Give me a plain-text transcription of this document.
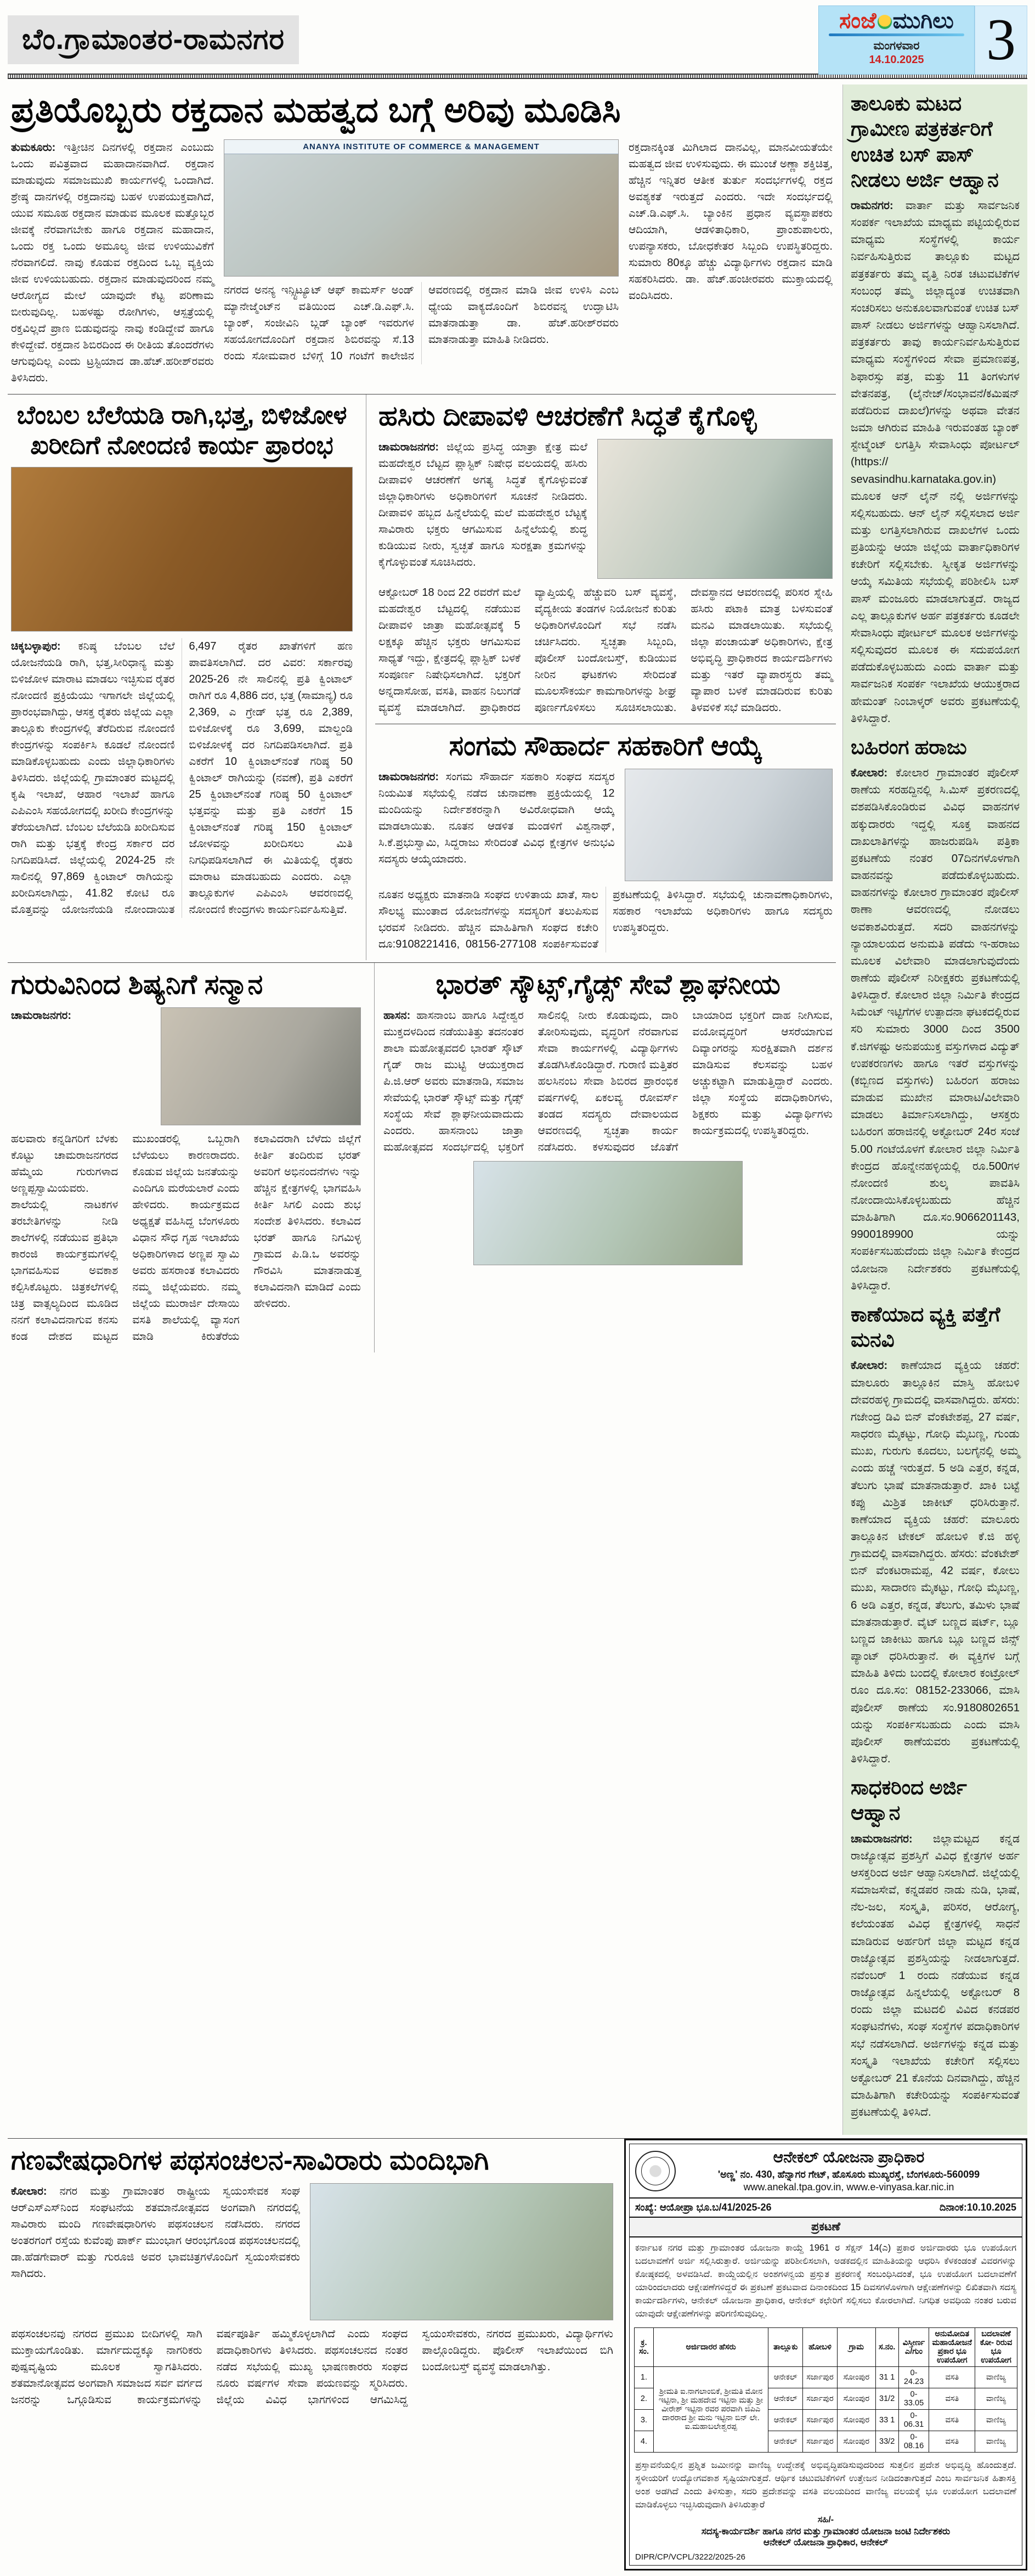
ಬೆಂ.ಗ್ರಾಮಾಂತರ-ರಾಮನಗರ
ಸಂಜೆ ಮುಗಿಲು
ಮಂಗಳವಾರ
14.10.2025	3
ಪ್ರತಿಯೊಬ್ಬರು ರಕ್ತದಾನ ಮಹತ್ವದ ಬಗ್ಗೆ ಅರಿವು ಮೂಡಿಸಿ

ತುಮಕೂರು: ಇತ್ತೀಚಿನ ದಿನಗಳಲ್ಲಿ ರಕ್ತದಾನ ಎಂಬುದು ಒಂದು ಪವಿತ್ರವಾದ ಮಹಾದಾನವಾಗಿದೆ. ರಕ್ತದಾನ ಮಾಡುವುದು ಸಮಾಜಮುಖಿ ಕಾರ್ಯಗಳಲ್ಲಿ ಒಂದಾಗಿದೆ. ಶ್ರೇಷ್ಠ ದಾನಗಳಲ್ಲಿ ರಕ್ತದಾನವು ಬಹಳ ಉಪಯುಕ್ತವಾಗಿದೆ, ಯುವ ಸಮೂಹ ರಕ್ತದಾನ ಮಾಡುವ ಮೂಲಕ ಮತ್ತೊಬ್ಬರ ಜೀವಕ್ಕೆ ನೆರವಾಗಬೇಕು ಹಾಗೂ ರಕ್ತದಾನ ಮಹಾದಾನ, ಒಂದು ರಕ್ತ ಒಂದು ಅಮೂಲ್ಯ ಜೀವ ಉಳಿಯುವಿಕೆಗೆ ನೆರವಾಗಲಿದೆ. ನಾವು ಕೊಡುವ ರಕ್ತದಿಂದ ಒಬ್ಬ ವ್ಯಕ್ತಿಯ ಜೀವ ಉಳಿಯಬಹುದು. ರಕ್ತದಾನ ಮಾಡುವುದರಿಂದ ನಮ್ಮ ಆರೋಗ್ಯದ ಮೇಲೆ ಯಾವುದೇ ಕೆಟ್ಟ ಪರಿಣಾಮ ಬೀರುವುದಿಲ್ಲ. ಬಹಳಷ್ಟು ರೋಗಿಗಳು, ಆಸ್ಪತ್ರೆಯಲ್ಲಿ ರಕ್ತವಿಲ್ಲದೆ ಪ್ರಾಣ ಬಿಡುವುದನ್ನು ನಾವು ಕಂಡಿದ್ದೇವೆ ಹಾಗೂ ಕೇಳಿದ್ದೇವೆ. ರಕ್ತದಾನ ಶಿಬಿರದಿಂದ ಈ ರೀತಿಯ ತೊಂದರೆಗಳು ಆಗುವುದಿಲ್ಲ ಎಂದು ಟ್ರಸ್ಟಿಯಾದ ಡಾ.ಹೆಚ್.ಹರೀಶ್‌ರವರು ತಿಳಿಸಿದರು.

ANANYA INSTITUTE OF COMMERCE & MANAGEMENT

ನಗರದ ಅನನ್ಯ ಇನ್ಸ್ಟಿಟ್ಯೂಟ್ ಆಫ್ ಕಾಮರ್ಸ್ ಅಂಡ್ ಮ್ಯಾನೇಜ್ಮೆಂಟ್‌ನ ವತಿಯಿಂದ ಎಚ್.ಡಿ.ಎಫ್.ಸಿ. ಬ್ಯಾಂಕ್, ಸಂಜೀವಿನಿ ಬ್ಲಡ್ ಬ್ಯಾಂಕ್ ಇವರುಗಳ ಸಹಯೋಗದೊಂದಿಗೆ ರಕ್ತದಾನ ಶಿಬಿರವನ್ನು ಸೆ.13 ರಂದು ಸೋಮವಾರ ಬೆಳಿಗ್ಗೆ 10 ಗಂಟೆಗೆ ಕಾಲೇಜಿನ ಆವರಣದಲ್ಲಿ ರಕ್ತದಾನ ಮಾಡಿ ಜೀವ ಉಳಿಸಿ ಎಂಬ ಧ್ಯೇಯ ವಾಕ್ಯದೊಂದಿಗೆ ಶಿಬಿರವನ್ನ ಉದ್ಘಾಟಿಸಿ ಮಾತನಾಡುತ್ತಾ ಡಾ. ಹೆಚ್.ಹರೀಶ್‌ರವರು ಮಾತನಾಡುತ್ತಾ ಮಾಹಿತಿ ನೀಡಿದರು.

ರಕ್ತದಾನಕ್ಕಿಂತ ಮಿಗಿಲಾದ ದಾನವಿಲ್ಲ, ಮಾನವೀಯತೆಯೇ ಮಹತ್ವದ ಜೀವ ಉಳಿಸುವುದು. ಈ ಮುಂಚೆ ಅಣ್ಣಾ ಶಕ್ತಿಚಿತ್ತ, ಹೆಚ್ಚಿನ ಇನ್ನಿತರ ಆತೀಕ ತುರ್ತು ಸಂದರ್ಭಗಳಲ್ಲಿ ರಕ್ತದ ಅವಶ್ಯಕತೆ ಇರುತ್ತದೆ ಎಂದರು. ಇದೇ ಸಂದರ್ಭದಲ್ಲಿ ಎಚ್.ಡಿ.ಎಫ್.ಸಿ. ಬ್ಯಾಂಕಿನ ಪ್ರಧಾನ ವ್ಯವಸ್ಥಾಪಕರು ಆದಿಯಾಗಿ, ಆಡಳಿತಾಧಿಕಾರಿ, ಪ್ರಾಂಶುಪಾಲರು, ಉಪನ್ಯಾಸಕರು, ಬೋಧಕೇತರ ಸಿಬ್ಬಂದಿ ಉಪಸ್ಥಿತರಿದ್ದರು. ಸುಮಾರು 80ಕ್ಕೂ ಹೆಚ್ಚು ವಿದ್ಯಾರ್ಥಿಗಳು ರಕ್ತದಾನ ಮಾಡಿ ಸಹಕರಿಸಿದರು. ಡಾ. ಹೆಚ್.ಹಂಚೀರವರು ಮುಕ್ತಾಯದಲ್ಲಿ ವಂದಿಸಿದರು.

ಬೆಂಬಲ ಬೆಲೆಯಡಿ ರಾಗಿ,ಭತ್ತ, ಬಿಳಿಜೋಳ ಖರೀದಿಗೆ ನೋಂದಣಿ ಕಾರ್ಯ ಪ್ರಾರಂಭ

ಚಿಕ್ಕಬಳ್ಳಾಪುರ: ಕನಿಷ್ಠ ಬೆಂಬಲ ಬೆಲೆ ಯೋಜನೆಯಡಿ ರಾಗಿ, ಭತ್ತ,ಸೀರಿಧಾನ್ಯ ಮತ್ತು ಬಿಳಿಜೋಳ ಮಾರಾಟ ಮಾಡಲು ಇಚ್ಛಿಸುವ ರೈತರ ನೋಂದಣಿ ಪ್ರಕ್ರಿಯೆಯು ಇಗಾಗಲೇ ಜಿಲ್ಲೆಯಲ್ಲಿ ಪ್ರಾರಂಭವಾಗಿದ್ದು, ಆಸಕ್ತ ರೈತರು ಜಿಲ್ಲೆಯ ಎಲ್ಲಾ ತಾಲ್ಲೂಕು ಕೇಂದ್ರಗಳಲ್ಲಿ ತೆರೆದಿರುವ ನೋಂದಣಿ ಕೇಂದ್ರಗಳನ್ನು ಸಂಪರ್ಕಿಸಿ ಕೂಡಲೆ ನೋಂದಣಿ ಮಾಡಿಕೊಳ್ಳಬಹುದು ಎಂದು ಜಿಲ್ಲಾಧಿಕಾರಿಗಳು ತಿಳಿಸಿದರು. ಜಿಲ್ಲೆಯಲ್ಲಿ ಗ್ರಾಮಾಂತರ ಮಟ್ಟದಲ್ಲಿ ಕೃಷಿ ಇಲಾಖೆ, ಆಹಾರ ಇಲಾಖೆ ಹಾಗೂ ಎಪಿಎಂಸಿ ಸಹಯೋಗದಲ್ಲಿ ಖರೀದಿ ಕೇಂದ್ರಗಳನ್ನು ತೆರೆಯಲಾಗಿದೆ. ಬೆಂಬಲ ಬೆಲೆಯಡಿ ಖರೀದಿಸುವ ರಾಗಿ ಮತ್ತು ಭತ್ತಕ್ಕೆ ಕೇಂದ್ರ ಸರ್ಕಾರ ದರ ನಿಗದಿಪಡಿಸಿದೆ. ಜಿಲ್ಲೆಯಲ್ಲಿ 2024-25 ನೇ ಸಾಲಿನಲ್ಲಿ 97,869 ಕ್ವಿಂಟಾಲ್ ರಾಗಿಯನ್ನು ಖರೀದಿಸಲಾಗಿದ್ದು, 41.82 ಕೋಟಿ ರೂ ಮೊತ್ತವನ್ನು ಯೋಜನೆಯಡಿ ನೋಂದಾಯಿತ 6,497 ರೈತರ ಖಾತೆಗಳಿಗೆ ಹಣ ಪಾವತಿಸಲಾಗಿದೆ. ದರ ವಿವರ: ಸರ್ಕಾರವು 2025-26 ನೇ ಸಾಲಿನಲ್ಲಿ ಪ್ರತಿ ಕ್ವಿಂಟಾಲ್ ರಾಗಿಗೆ ರೂ 4,886 ದರ, ಭತ್ತ (ಸಾಮಾನ್ಯ) ರೂ 2,369, ಎ ಗ್ರೇಡ್ ಭತ್ತ ರೂ 2,389, ಬಿಳಿಜೋಳಕ್ಕೆ ರೂ 3,699, ಮಾಲ್ದಂಡಿ ಬಿಳಿಜೋಳಕ್ಕೆ ದರ ನಿಗದಿಪಡಿಸಲಾಗಿದೆ. ಪ್ರತಿ ಎಕರೆಗೆ 10 ಕ್ವಿಂಟಾಲ್‌ನಂತೆ ಗರಿಷ್ಠ 50 ಕ್ವಿಂಟಾಲ್ ರಾಗಿಯನ್ನು (ನವಣೆ), ಪ್ರತಿ ಎಕರೆಗೆ 25 ಕ್ವಿಂಟಾಲ್‌ನಂತೆ ಗರಿಷ್ಠ 50 ಕ್ವಿಂಟಾಲ್ ಭತ್ತವನ್ನು ಮತ್ತು ಪ್ರತಿ ಎಕರೆಗೆ 15 ಕ್ವಿಂಟಾಲ್‌ನಂತೆ ಗರಿಷ್ಠ 150 ಕ್ವಿಂಟಾಲ್ ಜೋಳವನ್ನು ಖರೀದಿಸಲು ಮಿತಿ ನಿಗಧಿಪಡಿಸಲಾಗಿದೆ ಈ ಮಿತಿಯಲ್ಲಿ ರೈತರು ಮಾರಾಟ ಮಾಡಬಹುದು ಎಂದರು. ಎಲ್ಲಾ ತಾಲ್ಲೂಕುಗಳ ಎಪಿಎಂಸಿ ಆವರಣದಲ್ಲಿ ನೋಂದಣಿ ಕೇಂದ್ರಗಳು ಕಾರ್ಯನಿರ್ವಹಿಸುತ್ತಿವೆ.

ಹಸಿರು ದೀಪಾವಳಿ ಆಚರಣೆಗೆ ಸಿದ್ಧತೆ ಕೈಗೊಳ್ಳಿ

ಚಾಮರಾಜನಗರ: ಜಿಲ್ಲೆಯ ಪ್ರಸಿದ್ಧ ಯಾತ್ರಾ ಕ್ಷೇತ್ರ ಮಲೆ ಮಹದೇಶ್ವರ ಬೆಟ್ಟದ ಪ್ಲಾಸ್ಟಿಕ್ ನಿಷೇಧ ವಲಯದಲ್ಲಿ ಹಸಿರು ದೀಪಾವಳಿ ಆಚರಣೆಗೆ ಅಗತ್ಯ ಸಿದ್ಧತೆ ಕೈಗೊಳ್ಳುವಂತೆ ಜಿಲ್ಲಾಧಿಕಾರಿಗಳು ಅಧಿಕಾರಿಗಳಿಗೆ ಸೂಚನೆ ನೀಡಿದರು. ದೀಪಾವಳಿ ಹಬ್ಬದ ಹಿನ್ನೆಲೆಯಲ್ಲಿ ಮಲೆ ಮಹದೇಶ್ವರ ಬೆಟ್ಟಕ್ಕೆ ಸಾವಿರಾರು ಭಕ್ತರು ಆಗಮಿಸುವ ಹಿನ್ನೆಲೆಯಲ್ಲಿ ಶುದ್ಧ ಕುಡಿಯುವ ನೀರು, ಸ್ವಚ್ಛತೆ ಹಾಗೂ ಸುರಕ್ಷತಾ ಕ್ರಮಗಳನ್ನು ಕೈಗೊಳ್ಳುವಂತೆ ಸೂಚಿಸಿದರು.

ಆಕ್ಟೋಬರ್ 18 ರಿಂದ 22 ರವರೆಗೆ ಮಲೆ ಮಹದೇಶ್ವರ ಬೆಟ್ಟದಲ್ಲಿ ನಡೆಯುವ ದೀಪಾವಳಿ ಜಾತ್ರಾ ಮಹೋತ್ಸವಕ್ಕೆ 5 ಲಕ್ಷಕ್ಕೂ ಹೆಚ್ಚಿನ ಭಕ್ತರು ಆಗಮಿಸುವ ಸಾಧ್ಯತೆ ಇದ್ದು, ಕ್ಷೇತ್ರದಲ್ಲಿ ಪ್ಲಾಸ್ಟಿಕ್ ಬಳಕೆ ಸಂಪೂರ್ಣ ನಿಷೇಧಿಸಲಾಗಿದೆ. ಭಕ್ತರಿಗೆ ಅನ್ನದಾಸೋಹ, ವಸತಿ, ವಾಹನ ನಿಲುಗಡೆ ವ್ಯವಸ್ಥೆ ಮಾಡಲಾಗಿದೆ. ಪ್ರಾಧಿಕಾರದ ವ್ಯಾಪ್ತಿಯಲ್ಲಿ ಹೆಚ್ಚುವರಿ ಬಸ್ ವ್ಯವಸ್ಥೆ, ವೈದ್ಯಕೀಯ ತಂಡಗಳ ನಿಯೋಜನೆ ಕುರಿತು ಅಧಿಕಾರಿಗಳೊಂದಿಗೆ ಸಭೆ ನಡೆಸಿ ಚರ್ಚಿಸಿದರು. ಸ್ವಚ್ಛತಾ ಸಿಬ್ಬಂದಿ, ಪೊಲೀಸ್ ಬಂದೋಬಸ್ತ್, ಕುಡಿಯುವ ನೀರಿನ ಘಟಕಗಳು ಸೇರಿದಂತೆ ಮೂಲಸೌಕರ್ಯ ಕಾಮಗಾರಿಗಳನ್ನು ಶೀಘ್ರ ಪೂರ್ಣಗೊಳಿಸಲು ಸೂಚಿಸಲಾಯಿತು. ದೇವಸ್ಥಾನದ ಆವರಣದಲ್ಲಿ ಪರಿಸರ ಸ್ನೇಹಿ ಹಸಿರು ಪಟಾಕಿ ಮಾತ್ರ ಬಳಸುವಂತೆ ಮನವಿ ಮಾಡಲಾಯಿತು. ಸಭೆಯಲ್ಲಿ ಜಿಲ್ಲಾ ಪಂಚಾಯತ್ ಅಧಿಕಾರಿಗಳು, ಕ್ಷೇತ್ರ ಅಭಿವೃದ್ಧಿ ಪ್ರಾಧಿಕಾರದ ಕಾರ್ಯದರ್ಶಿಗಳು ಮತ್ತು ಇತರೆ ವ್ಯಾಪಾರಸ್ಥರು ತಮ್ಮ ವ್ಯಾಪಾರ ಬಳಕೆ ಮಾಡದಿರುವ ಕುರಿತು ತಿಳವಳಿಕೆ ಸಭೆ ಮಾಡಿದರು.

ಸಂಗಮ ಸೌಹಾರ್ದ ಸಹಕಾರಿಗೆ ಆಯ್ಕೆ

ಚಾಮರಾಜನಗರ: ಸಂಗಮ ಸೌಹಾರ್ದ ಸಹಕಾರಿ ಸಂಘದ ಸದಸ್ಯರ ನಿಯಮಿತ ಸಭೆಯಲ್ಲಿ ನಡೆದ ಚುನಾವಣಾ ಪ್ರಕ್ರಿಯೆಯಲ್ಲಿ 12 ಮಂದಿಯನ್ನು ನಿರ್ದೇಶಕರನ್ನಾಗಿ ಅವಿರೋಧವಾಗಿ ಆಯ್ಕೆ ಮಾಡಲಾಯಿತು. ನೂತನ ಆಡಳಿತ ಮಂಡಳಿಗೆ ವಿಶ್ವನಾಥ್, ಸಿ.ಕೆ.ಪ್ರಭುಸ್ವಾಮಿ, ಸಿದ್ದರಾಜು ಸೇರಿದಂತೆ ವಿವಿಧ ಕ್ಷೇತ್ರಗಳ ಅನುಭವಿ ಸದಸ್ಯರು ಆಯ್ಕೆಯಾದರು.

ನೂತನ ಅಧ್ಯಕ್ಷರು ಮಾತನಾಡಿ ಸಂಘದ ಉಳಿತಾಯ ಖಾತೆ, ಸಾಲ ಸೌಲಭ್ಯ ಮುಂತಾದ ಯೋಜನೆಗಳನ್ನು ಸದಸ್ಯರಿಗೆ ತಲುಪಿಸುವ ಭರವಸೆ ನೀಡಿದರು. ಹೆಚ್ಚಿನ ಮಾಹಿತಿಗಾಗಿ ಸಂಘದ ಕಚೇರಿ ದೂ:9108221416, 08156-277108 ಸಂಪರ್ಕಿಸುವಂತೆ ಪ್ರಕಟಣೆಯಲ್ಲಿ ತಿಳಿಸಿದ್ದಾರೆ. ಸಭೆಯಲ್ಲಿ ಚುನಾವಣಾಧಿಕಾರಿಗಳು, ಸಹಕಾರ ಇಲಾಖೆಯ ಅಧಿಕಾರಿಗಳು ಹಾಗೂ ಸದಸ್ಯರು ಉಪಸ್ಥಿತರಿದ್ದರು.

ಗುರುವಿನಿಂದ ಶಿಷ್ಯನಿಗೆ ಸನ್ಮಾನ

ಚಾಮರಾಜನಗರ:

ಹಲವಾರು ಕನ್ನಡಿಗರಿಗೆ ಬೆಳಕು ಕೊಟ್ಟು ಚಾಮರಾಜನಗರದ ಹೆಮ್ಮೆಯ ಗುರುಗಳಾದ ಅಣ್ಣಪ್ಪಸ್ವಾಮಿಯವರು. ಶಾಲೆಯಲ್ಲಿ ನಾಟಕಗಳ ತರಬೇತಿಗಳನ್ನು ನೀಡಿ ಶಾಲೆಗಳಲ್ಲಿ ನಡೆಯುವ ಪ್ರತಿಭಾ ಕಾರಂಜಿ ಕಾರ್ಯಕ್ರಮಗಳಲ್ಲಿ ಭಾಗವಹಿಸುವ ಅವಕಾಶ ಕಲ್ಪಿಸಿಕೊಟ್ಟರು. ಚಿತ್ರಕಲೆಗಳಲ್ಲಿ ಚಿತ್ರ ವಾತ್ಸಲ್ಯದಿಂದ ಮೂಡಿದ ನನಗೆ ಕಲಾವಿದನಾಗುವ ಕನಸು ಕಂಡ ದೇಶದ ಮಟ್ಟದ ಮುಖಂಡರಲ್ಲಿ ಒಬ್ಬರಾಗಿ ಬೆಳೆಯಲು ಕಾರಣರಾದರು. ಕೊಡುವ ಜಿಲ್ಲೆಯ ಜನತೆಯನ್ನು ಎಂದಿಗೂ ಮರೆಯಲಾರೆ ಎಂದು ಹೇಳಿದರು. ಕಾರ್ಯಕ್ರಮದ ಅಧ್ಯಕ್ಷತೆ ವಹಿಸಿದ್ದ ಬೆಂಗಳೂರು ವಿಧಾನ ಸೌಧ ಗೃಹ ಇಲಾಖೆಯ ಅಧಿಕಾರಿಗಳಾದ ಅಣ್ಣಪ ಸ್ವಾಮಿ ಅವರು ಹಸರಾಂತ ಕಲಾವಿದರು ನಮ್ಮ ಜಿಲ್ಲೆಯವರು. ನಮ್ಮ ಜಿಲ್ಲೆಯ ಮುರಾರ್ಜಿ ದೇಸಾಯಿ ವಸತಿ ಶಾಲೆಯಲ್ಲಿ ವ್ಯಾಸಂಗ ಮಾಡಿ ಕಿರುತೆರೆಯ ಕಲಾವಿದರಾಗಿ ಬೆಳೆದು ಜಿಲ್ಲೆಗೆ ಕೀರ್ತಿ ತಂದಿರುವ ಭರತ್ ಅವರಿಗೆ ಅಭಿನಂದನೆಗಳು ಇನ್ನು ಹೆಚ್ಚಿನ ಕ್ಷೇತ್ರಗಳಲ್ಲಿ ಭಾಗವಹಿಸಿ ಕೀರ್ತಿ ಸಿಗಲಿ ಎಂದು ಶುಭ ಸಂದೇಶ ತಿಳಿಸಿದರು. ಕಲಾವಿದ ಭರತ್ ಹಾಗೂ ನಿಗಮಿಳ್ಳ ಗ್ರಾಮದ ಪಿ.ಡಿ.ಒ ಅವರನ್ನು ಗೌರವಿಸಿ ಮಾತನಾಡುತ್ತ ಕಲಾವಿದನಾಗಿ ಮಾಡಿದೆ ಎಂದು ಹೇಳಿದರು.

ಭಾರತ್ ಸ್ಕೌಟ್ಸ್,ಗೈಡ್ಸ್ ಸೇವೆ ಶ್ಲಾಘನೀಯ

ಹಾಸನ: ಹಾಸನಾಂಬ ಹಾಗೂ ಸಿದ್ದೇಶ್ವರ ಮುಕ್ತದಳದಿಂದ ನಡೆಯುತಿತ್ತು ತದನಂತರ ಶಾಲಾ ಮಹೋತ್ಸವದಲಿ ಭಾರತ್ ಸ್ಕೌಟ್ ಗೈಡ್ ರಾಜ ಮುಟ್ಟಿ ಆಯುಕ್ತರಾದ ಪಿ.ಜಿ.ಆರ್ ಅವರು ಮಾತನಾಡಿ, ಸಮಾಜ ಸೇವೆಯಲ್ಲಿ ಭಾರತ್ ಸ್ಕೌಟ್ಸ್ ಮತ್ತು ಗೈಡ್ಸ್ ಸಂಸ್ಥೆಯ ಸೇವೆ ಶ್ಲಾಘನೀಯವಾದುದು ಎಂದರು. ಹಾಸನಾಂಬ ಜಾತ್ರಾ ಮಹೋತ್ಸವದ ಸಂದರ್ಭದಲ್ಲಿ ಭಕ್ತರಿಗೆ ಸಾಲಿನಲ್ಲಿ ನೀರು ಕೊಡುವುದು, ದಾರಿ ತೋರಿಸುವುದು, ವೃದ್ಧರಿಗೆ ನೆರವಾಗುವ ಸೇವಾ ಕಾರ್ಯಗಳಲ್ಲಿ ವಿದ್ಯಾರ್ಥಿಗಳು ತೊಡಗಿಸಿಕೊಂಡಿದ್ದಾರೆ. ಗುರಾಣಿ ಮತ್ತಿತರ ಹಲಸಿನಂಬ ಸೇವಾ ಶಿಬಿರದ ಪ್ರಾರಂಭಿಕ ವರ್ಷಗಳಲ್ಲಿ ಏಕಲವ್ಯ ರೋವರ್ಸ್ ತಂಡದ ಸದಸ್ಯರು ದೇವಾಲಯದ ಆವರಣದಲ್ಲಿ ಸ್ವಚ್ಛತಾ ಕಾರ್ಯ ನಡೆಸಿದರು. ಕಳಸುವುದರ ಜೊತೆಗೆ ಬಾಯಾರಿದ ಭಕ್ತರಿಗೆ ದಾಹ ನೀಗಿಸುವ, ವಯೋವೃದ್ಧರಿಗೆ ಆಸರೆಯಾಗುವ ದಿವ್ಯಾಂಗರನ್ನು ಸುರಕ್ಷಿತವಾಗಿ ದರ್ಶನ ಮಾಡಿಸುವ ಕೆಲಸವನ್ನು ಬಹಳ ಅಚ್ಚುಕಟ್ಟಾಗಿ ಮಾಡುತ್ತಿದ್ದಾರೆ ಎಂದರು. ಜಿಲ್ಲಾ ಸಂಸ್ಥೆಯ ಪದಾಧಿಕಾರಿಗಳು, ಶಿಕ್ಷಕರು ಮತ್ತು ವಿದ್ಯಾರ್ಥಿಗಳು ಕಾರ್ಯಕ್ರಮದಲ್ಲಿ ಉಪಸ್ಥಿತರಿದ್ದರು.

ತಾಲೂಕು ಮಟದ ಗ್ರಾಮೀಣ ಪತ್ರಕರ್ತರಿಗೆ ಉಚಿತ ಬಸ್ ಪಾಸ್ ನೀಡಲು ಅರ್ಜಿ ಆಹ್ವಾನ

ರಾಮನಗರ: ವಾರ್ತಾ ಮತ್ತು ಸಾರ್ವಜನಿಕ ಸಂಪರ್ಕ ಇಲಾಖೆಯ ಮಾಧ್ಯಮ ಪಟ್ಟಿಯಲ್ಲಿರುವ ಮಾಧ್ಯಮ ಸಂಸ್ಥೆಗಳಲ್ಲಿ ಕಾರ್ಯ ನಿರ್ವಹಿಸುತ್ತಿರುವ ತಾಲ್ಲೂಕು ಮಟ್ಟದ ಪತ್ರಕರ್ತರು ತಮ್ಮ ವೃತ್ತಿ ನಿರತ ಚಟುವಟಿಕೆಗಳ ಸಂಬಂಧ ತಮ್ಮ ಜಿಲ್ಲಾದ್ಯಂತ ಉಚಿತವಾಗಿ ಸಂಚರಿಸಲು ಅನುಕೂಲವಾಗುವಂತೆ ಉಚಿತ ಬಸ್ ಪಾಸ್ ನೀಡಲು ಅರ್ಜಿಗಳನ್ನು ಆಹ್ವಾನಿಸಲಾಗಿದೆ. ಪತ್ರಕರ್ತರು ತಾವು ಕಾರ್ಯನಿರ್ವಹಿಸುತ್ತಿರುವ ಮಾಧ್ಯಮ ಸಂಸ್ಥೆಗಳಿಂದ ಸೇವಾ ಪ್ರಮಾಣಪತ್ರ, ಶಿಫಾರಸ್ಸು ಪತ್ರ, ಮತ್ತು 11 ತಿಂಗಳುಗಳ ವೇತನಪತ್ರ, (ಲೈನೇಜ್/ಸಂಭಾವನೆ/ಕಮಿಷನ್ ಪಡೆದಿರುವ ದಾಖಲೆ)ಗಳನ್ನು ಅಥವಾ ವೇತನ ಜಮಾ ಆಗಿರುವ ಮಾಹಿತಿ ಇರುವಂತಹ ಬ್ಯಾಂಕ್ ಸ್ಟೇಟ್ಮೆಂಟ್ ಲಗತ್ತಿಸಿ ಸೇವಾಸಿಂಧು ಪೋರ್ಟಲ್ (https:// sevasindhu.karnataka.gov.in) ಮೂಲಕ ಆನ್ ಲೈನ್ ನಲ್ಲಿ ಅರ್ಜಿಗಳನ್ನು ಸಲ್ಲಿಸಬಹುದು. ಆನ್ ಲೈನ್ ಸಲ್ಲಿಸಲಾದ ಅರ್ಜಿ ಮತ್ತು ಲಗತ್ತಿಸಲಾಗಿರುವ ದಾಖಲೆಗಳ ಒಂದು ಪ್ರತಿಯನ್ನು ಆಯಾ ಜಿಲ್ಲೆಯ ವಾರ್ತಾಧಿಕಾರಿಗಳ ಕಚೇರಿಗೆ ಸಲ್ಲಿಸಬೇಕು. ಸ್ವೀಕೃತ ಅರ್ಜಿಗಳನ್ನು ಆಯ್ಕೆ ಸಮಿತಿಯ ಸಭೆಯಲ್ಲಿ ಪರಿಶೀಲಿಸಿ ಬಸ್ ಪಾಸ್ ಮಂಜೂರು ಮಾಡಲಾಗುತ್ತದೆ. ರಾಜ್ಯದ ಎಲ್ಲ ತಾಲ್ಲೂಕುಗಳ ಅರ್ಹ ಪತ್ರಕರ್ತರು ಕೂಡಲೇ ಸೇವಾಸಿಂಧು ಪೋರ್ಟಲ್ ಮೂಲಕ ಅರ್ಜಿಗಳನ್ನು ಸಲ್ಲಿಸುವುದರ ಮೂಲಕ ಈ ಸದುಪಯೋಗ ಪಡೆದುಕೊಳ್ಳಬಹುದು ಎಂದು ವಾರ್ತಾ ಮತ್ತು ಸಾರ್ವಜನಿಕ ಸಂಪರ್ಕ ಇಲಾಖೆಯ ಆಯುಕ್ತರಾದ ಹೇಮಂತ್ ನಿಂಬಾಳ್ಕರ್ ಅವರು ಪ್ರಕಟಣೆಯಲ್ಲಿ ತಿಳಿಸಿದ್ದಾರೆ.

ಬಹಿರಂಗ ಹರಾಜು

ಕೋಲಾರ: ಕೋಲಾರ ಗ್ರಾಮಾಂತರ ಪೊಲೀಸ್ ಠಾಣೆಯ ಸರಹದ್ದಿನಲ್ಲಿ ಸಿ.ಮಿಸ್ ಪ್ರಕರಣದಲ್ಲಿ ವಶಪಡಿಸಿಕೊಂಡಿರುವ ವಿವಿಧ ವಾಹನಗಳ ಹಕ್ಕುದಾರರು ಇದ್ದಲ್ಲಿ ಸೂಕ್ತ ವಾಹನದ ದಾಖಲಾತಿಗಳನ್ನು ಹಾಜರುಪಡಿಸಿ ಪತ್ರಿಕಾ ಪ್ರಕಟಣೆಯ ನಂತರ 07ದಿನಗಳೊಳಗಾಗಿ ವಾಹನವನ್ನು ಪಡೆದುಕೊಳ್ಳಬಹುದು. ವಾಹನಗಳನ್ನು ಕೋಲಾರ ಗ್ರಾಮಾಂತರ ಪೊಲೀಸ್ ಠಾಣಾ ಆವರಣದಲ್ಲಿ ನೋಡಲು ಅವಕಾಶವಿರುತ್ತದೆ. ಸದರಿ ವಾಹನಗಳನ್ನು ನ್ಯಾಯಾಲಯದ ಅನುಮತಿ ಪಡೆದು ಇ-ಹರಾಜು ಮೂಲಕ ವಿಲೇವಾರಿ ಮಾಡಲಾಗುವುದೆಂದು ಠಾಣೆಯ ಪೊಲೀಸ್ ನಿರೀಕ್ಷಕರು ಪ್ರಕಟಣೆಯಲ್ಲಿ ತಿಳಿಸಿದ್ದಾರೆ. ಕೋಲಾರ ಜಿಲ್ಲಾ ನಿರ್ಮಿತಿ ಕೇಂದ್ರದ ಸಿಮೆಂಟ್ ಇಟ್ಟಿಗೆಗಳ ಉತ್ಪಾದನಾ ಘಟಕದಲ್ಲಿರುವ ಸರಿ ಸುಮಾರು 3000 ದಿಂದ 3500 ಕೆ.ಜಿಗಳಷ್ಟು ಅನುಪಯುಕ್ತ ವಸ್ತುಗಳಾದ ವಿದ್ಯುತ್ ಉಪಕರಣಗಳು ಹಾಗೂ ಇತರೆ ವಸ್ತುಗಳನ್ನು (ಕಬ್ಬಿಣದ ವಸ್ತುಗಳು) ಬಹಿರಂಗ ಹರಾಜು ಮಾಡುವ ಮುಖೇನ ಮಾರಾಟ/ವಿಲೇವಾರಿ ಮಾಡಲು ತಿರ್ಮಾನಿಸಲಾಗಿದ್ದು, ಆಸಕ್ತರು ಬಹಿರಂಗ ಹರಾಜಿನಲ್ಲಿ ಅಕ್ಟೋಬರ್ 24ರ ಸಂಜೆ 5.00 ಗಂಟೆಯೊಳಗೆ ಕೋಲಾರ ಜಿಲ್ಲಾ ನಿರ್ಮಿತಿ ಕೇಂದ್ರದ ಹೊನ್ನೇನಹಳ್ಳಿಯಲ್ಲಿ ರೂ.500ಗಳ ನೋಂದಣಿ ಶುಲ್ಕ ಪಾವತಿಸಿ ನೋಂದಾಯಿಸಿಕೊಳ್ಳಬಹುದು ಹೆಚ್ಚಿನ ಮಾಹಿತಿಗಾಗಿ ದೂ.ಸಂ.9066201143, 9900189900 ಯನ್ನು ಸಂಪರ್ಕಿಸಬಹುದೆಂದು ಜಿಲ್ಲಾ ನಿರ್ಮಿತಿ ಕೇಂದ್ರದ ಯೋಜನಾ ನಿರ್ದೇಶಕರು ಪ್ರಕಟಣೆಯಲ್ಲಿ ತಿಳಿಸಿದ್ದಾರೆ.

ಕಾಣೆಯಾದ ವ್ಯಕ್ತಿ ಪತ್ತೆಗೆ ಮನವಿ

ಕೋಲಾರ: ಕಾಣೆಯಾದ ವ್ಯಕ್ತಿಯ ಚಹರೆ: ಮಾಲೂರು ತಾಲ್ಲೂಕಿನ ಮಾಸ್ತಿ ಹೋಬಳಿ ದೇವರಹಳ್ಳಿ ಗ್ರಾಮದಲ್ಲಿ ವಾಸವಾಗಿದ್ದರು. ಹೆಸರು: ಗಜೇಂದ್ರ ಡಿವಿ ಬಿನ್ ವೆಂಕಟೇಶಪ್ಪ, 27 ವರ್ಷ, ಸಾಧರಣ ಮೈಕಟ್ಟು, ಗೋಧಿ ಮೈಬಣ್ಣ, ಗುಂಡು ಮುಖ, ಗುರುಗು ಕೂದಲು, ಬಲಗೈನಲ್ಲಿ ಅಮ್ಮ ಎಂದು ಹಚ್ಚೆ ಇರುತ್ತದೆ. 5 ಅಡಿ ಎತ್ತರ, ಕನ್ನಡ, ತೆಲುಗು ಭಾಷೆ ಮಾತನಾಡುತ್ತಾರೆ. ಖಾಕಿ ಬಟ್ಟೆ ಕಪ್ಪು ಮಿಶ್ರಿತ ಜಾಕೀಟ್ ಧರಿಸಿರುತ್ತಾನೆ. ಕಾಣೆಯಾದ ವ್ಯಕ್ತಿಯ ಚಹರೆ: ಮಾಲೂರು ತಾಲ್ಲೂಕಿನ ಟೇಕಲ್ ಹೋಬಳಿ ಕೆ.ಜಿ ಹಳ್ಳಿ ಗ್ರಾಮದಲ್ಲಿ ವಾಸವಾಗಿದ್ದರು. ಹೆಸರು: ವೆಂಕಟೇಶ್ ಬಿನ್ ವೆಂಕಟರಾಮಪ್ಪ, 42 ವರ್ಷ, ಕೋಲು ಮುಖ, ಸಾದಾರಣ ಮೈಕಟ್ಟು, ಗೋಧಿ ಮೈಬಣ್ಣ, 6 ಅಡಿ ಎತ್ತರ, ಕನ್ನಡ, ತೆಲುಗು, ತಮಿಳು ಭಾಷೆ ಮಾತನಾಡುತ್ತಾರೆ. ವೈಟ್ ಬಣ್ಣದ ಷರ್ಟ್, ಬ್ಲೂ ಬಣ್ಣದ ಜಾಕೀಟು ಹಾಗೂ ಬ್ಲೂ ಬಣ್ಣದ ಜಿನ್ಸ್ ಪ್ಯಾಂಟ್ ಧರಿಸಿರುತ್ತಾನೆ. ಈ ವ್ಯಕ್ತಿಗಳ ಬಗ್ಗೆ ಮಾಹಿತಿ ತಿಳಿದು ಬಂದಲ್ಲಿ ಕೋಲಾರ ಕಂಟ್ರೋಲ್ ರೂಂ ದೂ.ಸಂ: 08152-233066, ಮಾಸಿ ಪೊಲೀಸ್ ಠಾಣೆಯ ಸಂ.9180802651 ಯನ್ನು ಸಂಪರ್ಕಿಸಬಹುದು ಎಂದು ಮಾಸಿ ಪೊಲೀಸ್ ಠಾಣೆಯವರು ಪ್ರಕಟಣೆಯಲ್ಲಿ ತಿಳಿಸಿದ್ದಾರೆ.

ಸಾಧಕರಿಂದ ಅರ್ಜಿ ಆಹ್ವಾನ

ಚಾಮರಾಜನಗರ: ಜಿಲ್ಲಾಮಟ್ಟದ ಕನ್ನಡ ರಾಜ್ಯೋತ್ಸವ ಪ್ರಶಸ್ತಿಗೆ ವಿವಿಧ ಕ್ಷೇತ್ರಗಳ ಅರ್ಹ ಆಸಕ್ತರಿಂದ ಅರ್ಜಿ ಆಹ್ವಾನಿಸಲಾಗಿದೆ. ಜಿಲ್ಲೆಯಲ್ಲಿ ಸಮಾಜಸೇವೆ, ಕನ್ನಡಪರ ನಾಡು ನುಡಿ, ಭಾಷೆ, ನೆಲ-ಜಲ, ಸಂಸ್ಕೃತಿ, ಪರಿಸರ, ಆರೋಗ್ಯ, ಕಲೆಯಂತಹ ವಿವಿಧ ಕ್ಷೇತ್ರಗಳಲ್ಲಿ ಸಾಧನೆ ಮಾಡಿರುವ ಅರ್ಹರಿಗೆ ಜಿಲ್ಲಾ ಮಟ್ಟದ ಕನ್ನಡ ರಾಜ್ಯೋತ್ಸವ ಪ್ರಶಸ್ತಿಯನ್ನು ನೀಡಲಾಗುತ್ತದೆ. ನವೆಂಬರ್ 1 ರಂದು ನಡೆಯುವ ಕನ್ನಡ ರಾಜ್ಯೋತ್ಸವ ಹಿನ್ನಲೆಯಲ್ಲಿ ಅಕ್ಟೋಬರ್ 8 ರಂದು ಜಿಲ್ಲಾ ಮಟದಲಿ ವಿವಿದ ಕನಡಪರ ಸಂಘಟನೆಗಳು, ಸಂಘ ಸಂಸ್ಥೆಗಳ ಪದಾಧಿಕಾರಿಗಳ ಸಭೆ ನಡೆಸಲಾಗಿದೆ. ಅರ್ಜಿಗಳನ್ನು ಕನ್ನಡ ಮತ್ತು ಸಂಸ್ಕೃತಿ ಇಲಾಖೆಯ ಕಚೇರಿಗೆ ಸಲ್ಲಿಸಲು ಅಕ್ಟೋಬರ್ 21 ಕೊನೆಯ ದಿನವಾಗಿದ್ದು, ಹೆಚ್ಚಿನ ಮಾಹಿತಿಗಾಗಿ ಕಚೇರಿಯನ್ನು ಸಂಪರ್ಕಿಸುವಂತೆ ಪ್ರಕಟಣೆಯಲ್ಲಿ ತಿಳಿಸಿದೆ.

ಗಣವೇಷಧಾರಿಗಳ ಪಥಸಂಚಲನ-ಸಾವಿರಾರು ಮಂದಿಭಾಗಿ

ಕೋಲಾರ: ನಗರ ಮತ್ತು ಗ್ರಾಮಾಂತರ ರಾಷ್ಟ್ರೀಯ ಸ್ವಯಂಸೇವಕ ಸಂಘ ಆರ್‌ಎಸ್‌ಎಸ್‌ನಿಂದ ಸಂಘಟನೆಯ ಶತಮಾನೋತ್ಸವದ ಅಂಗವಾಗಿ ನಗರದಲ್ಲಿ ಸಾವಿರಾರು ಮಂದಿ ಗಣವೇಷಧಾರಿಗಳು ಪಥಸಂಚಲನ ನಡೆಸಿದರು. ನಗರದ ಅಂತರಗಂಗೆ ರಸ್ತೆಯ ಕುವೆಂಪು ಪಾರ್ಕ್ ಮುಂಭಾಗ ಆರಂಭಗೊಂಡ ಪಥಸಂಚಲನದಲ್ಲಿ ಡಾ.ಹೆಡಗೇವಾರ್ ಮತ್ತು ಗುರೂಜಿ ಅವರ ಭಾವಚಿತ್ರಗಳೊಂದಿಗೆ ಸ್ವಯಂಸೇವಕರು ಸಾಗಿದರು.

ಪಥಸಂಚಲನವು ನಗರದ ಪ್ರಮುಖ ಬೀದಿಗಳಲ್ಲಿ ಸಾಗಿ ಮುಕ್ತಾಯಗೊಂಡಿತು. ಮಾರ್ಗದುದ್ದಕ್ಕೂ ನಾಗರಿಕರು ಪುಷ್ಪವೃಷ್ಟಿಯ ಮೂಲಕ ಸ್ವಾಗತಿಸಿದರು. ಶತಮಾನೋತ್ಸವದ ಅಂಗವಾಗಿ ಸಮಾಜದ ಸರ್ವ ವರ್ಗದ ಜನರನ್ನು ಒಗ್ಗೂಡಿಸುವ ಕಾರ್ಯಕ್ರಮಗಳನ್ನು ವರ್ಷಪೂರ್ತಿ ಹಮ್ಮಿಕೊಳ್ಳಲಾಗಿದೆ ಎಂದು ಸಂಘದ ಪದಾಧಿಕಾರಿಗಳು ತಿಳಿಸಿದರು. ಪಥಸಂಚಲನದ ನಂತರ ನಡೆದ ಸಭೆಯಲ್ಲಿ ಮುಖ್ಯ ಭಾಷಣಕಾರರು ಸಂಘದ ನೂರು ವರ್ಷಗಳ ಸೇವಾ ಪಯಣವನ್ನು ಸ್ಮರಿಸಿದರು. ಜಿಲ್ಲೆಯ ವಿವಿಧ ಭಾಗಗಳಿಂದ ಆಗಮಿಸಿದ್ದ ಸ್ವಯಂಸೇವಕರು, ನಗರದ ಪ್ರಮುಖರು, ವಿದ್ಯಾರ್ಥಿಗಳು ಪಾಲ್ಗೊಂಡಿದ್ದರು. ಪೊಲೀಸ್ ಇಲಾಖೆಯಿಂದ ಬಿಗಿ ಬಂದೋಬಸ್ತ್ ವ್ಯವಸ್ಥೆ ಮಾಡಲಾಗಿತ್ತು.

ಆನೇಕಲ್ ಯೋಜನಾ ಪ್ರಾಧಿಕಾರ
'ಅಣ್ಣ' ನಂ. 430, ಹೆನ್ನಾಗರ ಗೇಟ್, ಹೊಸೂರು ಮುಖ್ಯರಸ್ತೆ, ಬೆಂಗಳೂರು-560099
www.anekal.tpa.gov.in, www.e-vinyasa.kar.nic.in
ಸಂಖ್ಯೆ: ಆಯೋಪ್ರಾ ಭೂ.ಬ/41/2025-26	ದಿನಾಂಕ:10.10.2025
ಪ್ರಕಟಣೆ

ಕರ್ನಾಟಕ ನಗರ ಮತ್ತು ಗ್ರಾಮಾಂತರ ಯೋಜನಾ ಕಾಯ್ದೆ 1961 ರ ಸೆಕ್ಷನ್ 14(ಎ) ಪ್ರಕಾರ ಅರ್ಜಿದಾರರು ಭೂ ಉಪಯೋಗ ಬದಲಾವಣೆಗೆ ಅರ್ಜಿ ಸಲ್ಲಿಸಿರುತ್ತಾರೆ. ಅರ್ಜಿಯನ್ನು ಪರಿಶೀಲಿಸಲಾಗಿ, ಅಡಕದಲ್ಲಿನ ಮಾಹಿತಿಯನ್ನು ಆಧರಿಸಿ ಕೆಳಕಂಡಂತೆ ವಿವರಗಳನ್ನು ಕೋಷ್ಠಕದಲ್ಲಿ ಅಳವಡಿಸಿದೆ. ಕಾಯ್ದೆಯಲ್ಲಿನ ಅಂಶಗಳನ್ವಯ ಪ್ರಸ್ತುತ ಪ್ರಕರಣಕ್ಕೆ ಸಂಬಂಧಿಸಿದಂತೆ, ಭೂ ಉಪಯೋಗ ಬದಲಾವಣೆಗೆ ಯಾರಿಂದಲಾದರು ಆಕ್ಷೇಪಣೆಗಳಿದ್ದರೆ ಈ ಪ್ರಕಟಣೆ ಪ್ರಕಟವಾದ ದಿನಾಂಕದಿಂದ 15 ದಿವಸಗಳೊಳಗಾಗಿ ಆಕ್ಷೇಪಣೆಗಳನ್ನು ಲಿಖಿತವಾಗಿ ಸದಸ್ಯ ಕಾರ್ಯದರ್ಶಿಗಳು, ಆನೇಕಲ್ ಯೋಜನಾ ಪ್ರಾಧಿಕಾರ, ಆನೇಕಲ್ ಕಛೇರಿಗೆ ಸಲ್ಲಿಸಲು ಕೋರಲಾಗಿದೆ. ನಿಗಧಿತ ಅವಧಿಯ ನಂತರ ಬರುವ ಯಾವುದೇ ಆಕ್ಷೇಪಣೆಗಳನ್ನು ಪರಿಗಣಿಸುವುದಿಲ್ಲ.

ಕ್ರ. ಸಂ.	ಅರ್ಜಿದಾರರ ಹೆಸರು	ತಾಲ್ಲೂಕು	ಹೋಬಳಿ	ಗ್ರಾಮ	ಸ.ನಂ.	ವಿಸ್ತೀರ್ಣ ಎ/ಗುಂ	ಅನುಮೋದಿತ ಮಹಾಯೋಜನೆ ಪ್ರಕಾರ ಭೂ ಉಪಯೋಗ	ಬದಲಾವಣೆ ಕೋ- ರಿರುವ ಭೂ ಉಪಯೋಗ
1.	ಶ್ರೀಮತಿ ಐ.ನಾಗಲಾಂಬಿಕೆ, ಶ್ರೀಮತಿ ಮೋನ ಇಟ್ಟಿನಾ, ಶ್ರೀ ಮಹದೇವ ಇಟ್ಟಿನಾ ಮತ್ತು ಶ್ರೀ ವೀರೇಶ್ ಇಟ್ಟಿನಾ ರವರ ಪರವಾಗಿ ಜಿಪಿಎ ದಾರರಾದ ಶ್ರೀ ಮನು ಇಟ್ಟಿನಾ ಬಿನ್ ಲೇ. ಐ.ಮಹಾಬಲೇಶ್ವರಪ್ಪ	ಆನೇಕಲ್	ಸರ್ಜಾಪುರ	ಸೋಂಪುರ	31 1	0-24.23	ವಸತಿ	ವಾಣಿಜ್ಯ
2.		ಆನೇಕಲ್	ಸರ್ಜಾಪುರ	ಸೋಂಪುರ	31/2	0-33.05	ವಸತಿ	ವಾಣಿಜ್ಯ
3.		ಆನೇಕಲ್	ಸರ್ಜಾಪುರ	ಸೋಂಪುರ	33 1	0-06.31	ವಸತಿ	ವಾಣಿಜ್ಯ
4.		ಆನೇಕಲ್	ಸರ್ಜಾಪುರ	ಸೋಂಪುರ	33/2	0-08.16	ವಸತಿ	ವಾಣಿಜ್ಯ

ಪ್ರಸ್ತಾವನೆಯಲ್ಲಿನ ಪ್ರಶ್ನಿತ ಜಮೀನನ್ನು ವಾಣಿಜ್ಯ ಉದ್ದೇಶಕ್ಕೆ ಅಭಿವೃದ್ಧಿಪಡಿಸುವುದರಿಂದ ಸುತ್ತಲಿನ ಪ್ರದೇಶ ಅಭಿವೃದ್ಧಿ ಹೊಂದುತ್ತದೆ. ಸ್ಥಳೀಯರಿಗೆ ಉದ್ಯೋಗವಕಾಶ ಸೃಷ್ಟಿಯಾಗುತ್ತದೆ. ಆರ್ಥಿಕ ಚಟುವಟಿಕೆಗಳಿಗೆ ಉತ್ತೇಜನ ನೀಡಿದಂತಾಗುತ್ತದೆ ಎಂಬ ಸಾರ್ವಜನಿಕ ಹಿತಾಸಕ್ತಿ ಅಂಶ ಅಡಗಿದೆ ಎಂದು ತಿಳಿಸುತ್ತಾ, ಸದರಿ ಪ್ರದೇಶವನ್ನು ವಸತಿ ವಲಯದಿಂದ ವಾಣಿಜ್ಯ ವಲಯಕ್ಕೆ ಭೂ ಉಪಯೋಗ ಬದಲಾವಣೆ ಮಾಡಿಕೊಳ್ಳಲು ಇಚ್ಛಿಸಿರುವುದಾಗಿ ತಿಳಿಸಿರುತ್ತಾರೆ

ಸಹಿ/-
ಸದಸ್ಯ-ಕಾರ್ಯದರ್ಶಿ ಹಾಗೂ ನಗರ ಮತ್ತು ಗ್ರಾಮಾಂತರ ಯೋಜನಾ ಜಂಟಿ ನಿರ್ದೇಶಕರು
ಆನೇಕಲ್ ಯೋಜನಾ ಪ್ರಾಧಿಕಾರ, ಆನೇಕಲ್
DIPR/CP/VCPL/3222/2025-26
